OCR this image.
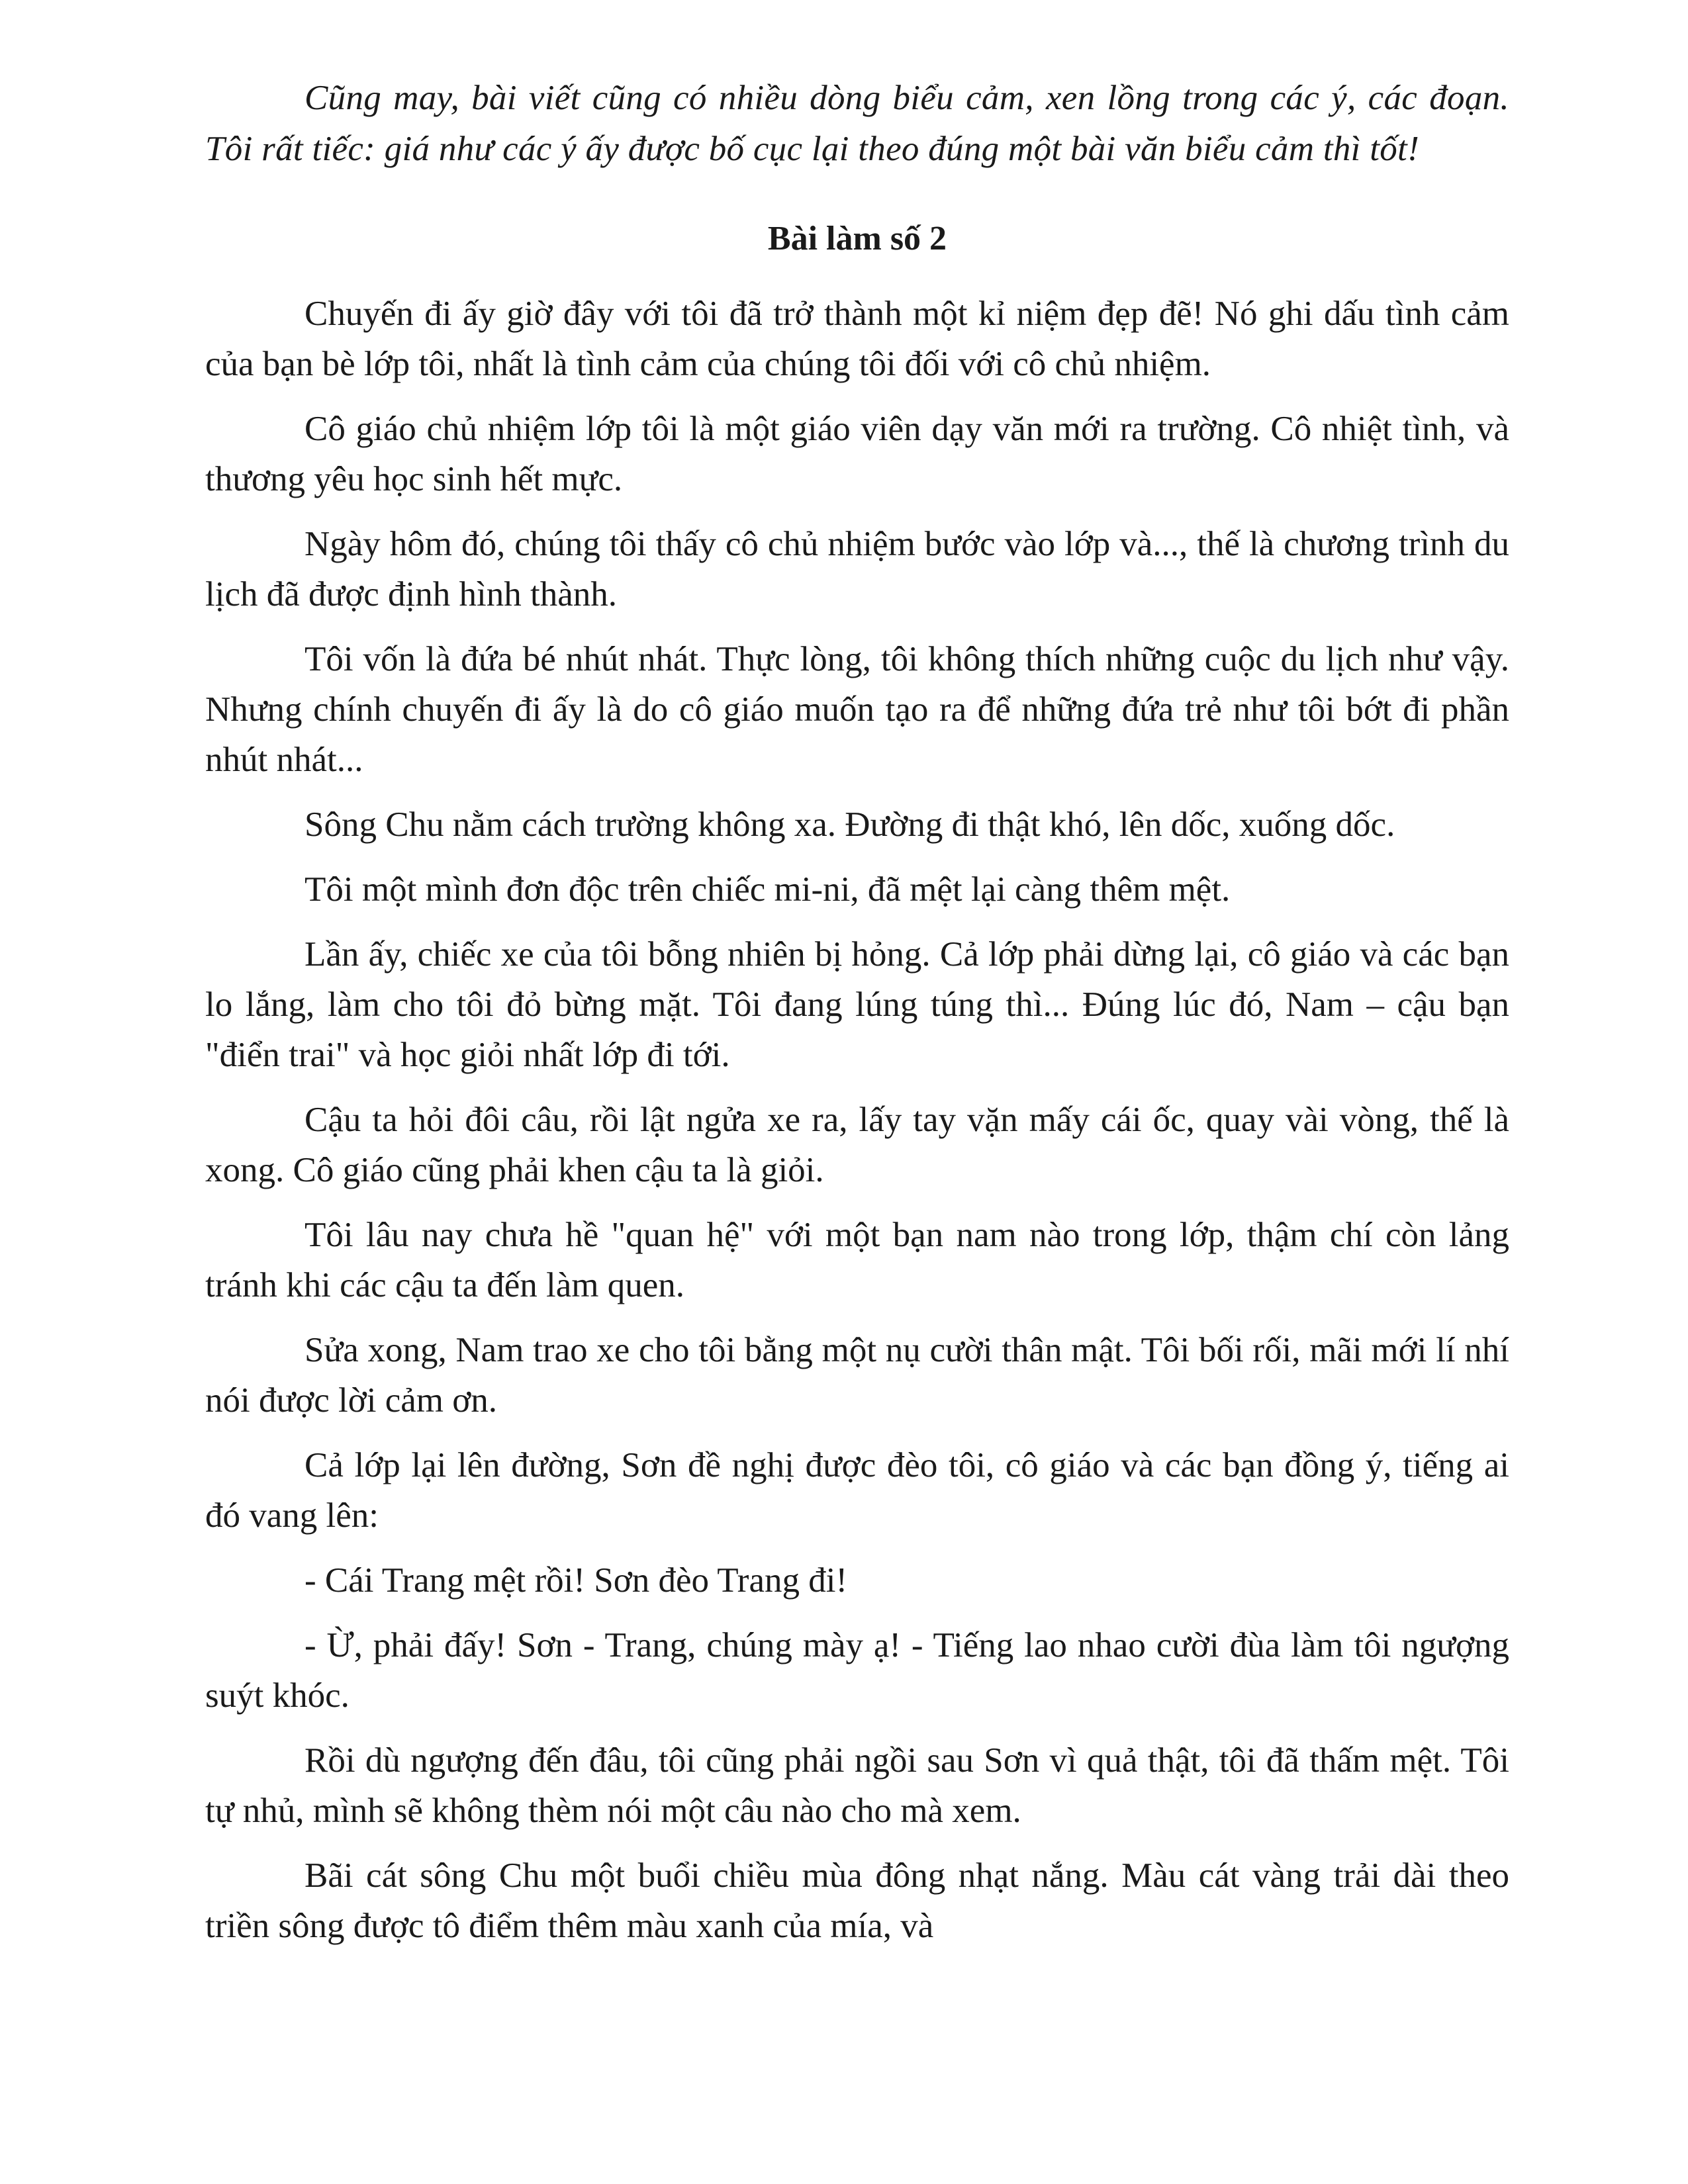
Cũng may, bài viết cũng có nhiều dòng biểu cảm, xen lồng trong các ý, các đoạn. Tôi rất tiếc: giá như các ý ấy được bố cục lại theo đúng một bài văn biểu cảm thì tốt!

Bài làm số 2

Chuyến đi ấy giờ đây với tôi đã trở thành một kỉ niệm đẹp đẽ! Nó ghi dấu tình cảm của bạn bè lớp tôi, nhất là tình cảm của chúng tôi đối với cô chủ nhiệm.

Cô giáo chủ nhiệm lớp tôi là một giáo viên dạy văn mới ra trường. Cô nhiệt tình, và thương yêu học sinh hết mực.

Ngày hôm đó, chúng tôi thấy cô chủ nhiệm bước vào lớp và..., thế là chương trình du lịch đã được định hình thành.

Tôi vốn là đứa bé nhút nhát. Thực lòng, tôi không thích những cuộc du lịch như vậy. Nhưng chính chuyến đi ấy là do cô giáo muốn tạo ra để những đứa trẻ như tôi bớt đi phần nhút nhát...

Sông Chu nằm cách trường không xa. Đường đi thật khó, lên dốc, xuống dốc.

Tôi một mình đơn độc trên chiếc mi-ni, đã mệt lại càng thêm mệt.

Lần ấy, chiếc xe của tôi bỗng nhiên bị hỏng. Cả lớp phải dừng lại, cô giáo và các bạn lo lắng, làm cho tôi đỏ bừng mặt. Tôi đang lúng túng thì... Đúng lúc đó, Nam – cậu bạn "điển trai" và học giỏi nhất lớp đi tới.

Cậu ta hỏi đôi câu, rồi lật ngửa xe ra, lấy tay vặn mấy cái ốc, quay vài vòng, thế là xong. Cô giáo cũng phải khen cậu ta là giỏi.

Tôi lâu nay chưa hề "quan hệ" với một bạn nam nào trong lớp, thậm chí còn lảng tránh khi các cậu ta đến làm quen.

Sửa xong, Nam trao xe cho tôi bằng một nụ cười thân mật. Tôi bối rối, mãi mới lí nhí nói được lời cảm ơn.

Cả lớp lại lên đường, Sơn đề nghị được đèo tôi, cô giáo và các bạn đồng ý, tiếng ai đó vang lên:

- Cái Trang mệt rồi! Sơn đèo Trang đi!

- Ừ, phải đấy! Sơn - Trang, chúng mày ạ! - Tiếng lao nhao cười đùa làm tôi ngượng suýt khóc.

Rồi dù ngượng đến đâu, tôi cũng phải ngồi sau Sơn vì quả thật, tôi đã thấm mệt. Tôi tự nhủ, mình sẽ không thèm nói một câu nào cho mà xem.

Bãi cát sông Chu một buổi chiều mùa đông nhạt nắng. Màu cát vàng trải dài theo triền sông được tô điểm thêm màu xanh của mía, và
